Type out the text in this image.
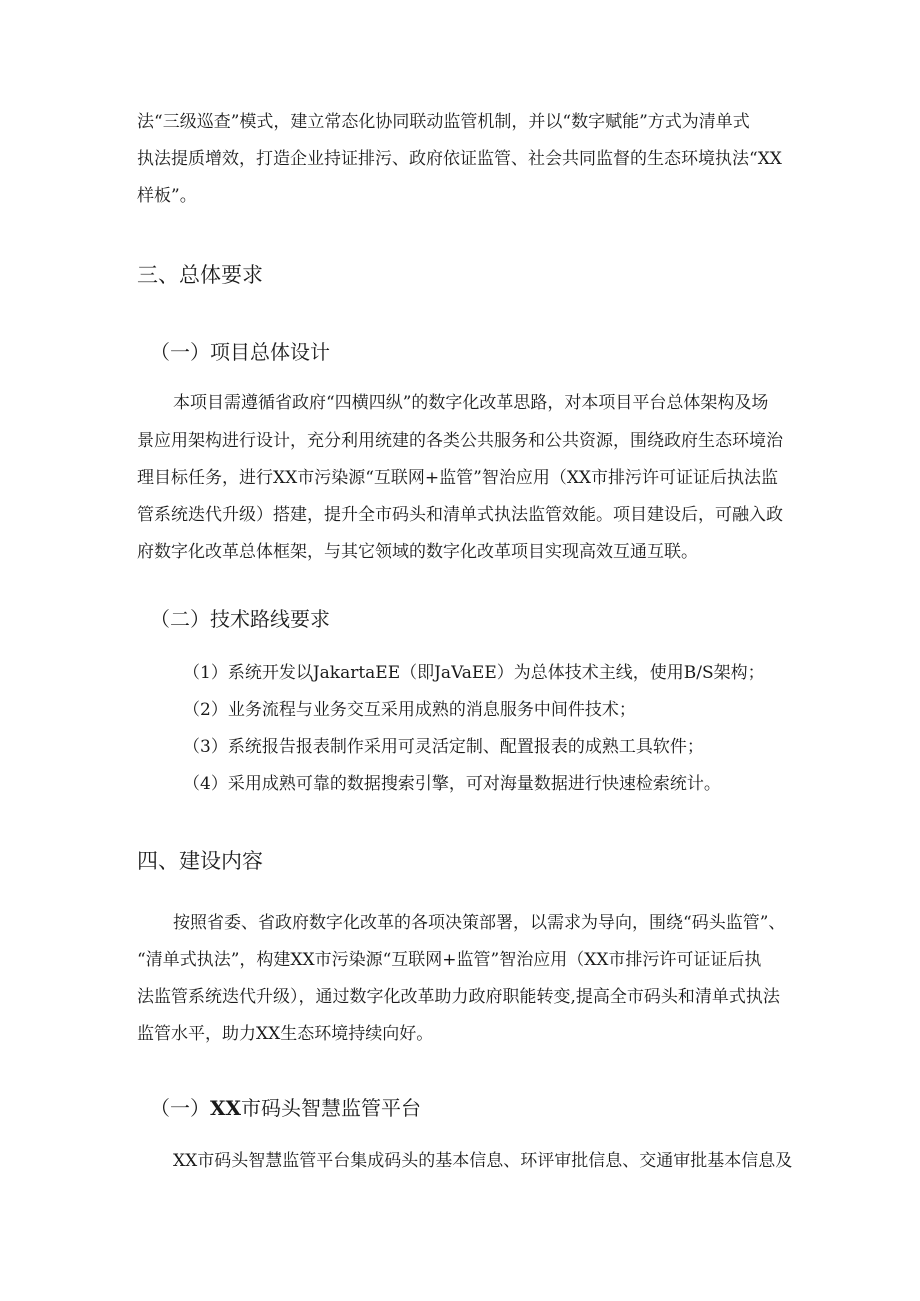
法“三级巡查”模式，建立常态化协同联动监管机制，并以“数字赋能”方式为清单式
执法提质增效，打造企业持证排污、政府依证监管、社会共同监督的生态环境执法“XX
样板”。
三、总体要求
（一）项目总体设计
本项目需遵循省政府“四横四纵”的数字化改革思路，对本项目平台总体架构及场
景应用架构进行设计，充分利用统建的各类公共服务和公共资源，围绕政府生态环境治
理目标任务，进行XX市污染源“互联网+监管”智治应用（XX市排污许可证证后执法监
管系统迭代升级）搭建，提升全市码头和清单式执法监管效能。项目建设后，可融入政
府数字化改革总体框架，与其它领域的数字化改革项目实现高效互通互联。
（二）技术路线要求
（1）系统开发以JakartaEE（即JaVaEE）为总体技术主线，使用B/S架构；
（2）业务流程与业务交互采用成熟的消息服务中间件技术；
（3）系统报告报表制作采用可灵活定制、配置报表的成熟工具软件；
（4）采用成熟可靠的数据搜索引擎，可对海量数据进行快速检索统计。
四、建设内容
按照省委、省政府数字化改革的各项决策部署，以需求为导向，围绕“码头监管”、
“清单式执法”，构建XX市污染源“互联网+监管”智治应用（XX市排污许可证证后执
法监管系统迭代升级），通过数字化改革助力政府职能转变,提高全市码头和清单式执法
监管水平，助力XX生态环境持续向好。
（一）XX市码头智慧监管平台
XX市码头智慧监管平台集成码头的基本信息、环评审批信息、交通审批基本信息及
